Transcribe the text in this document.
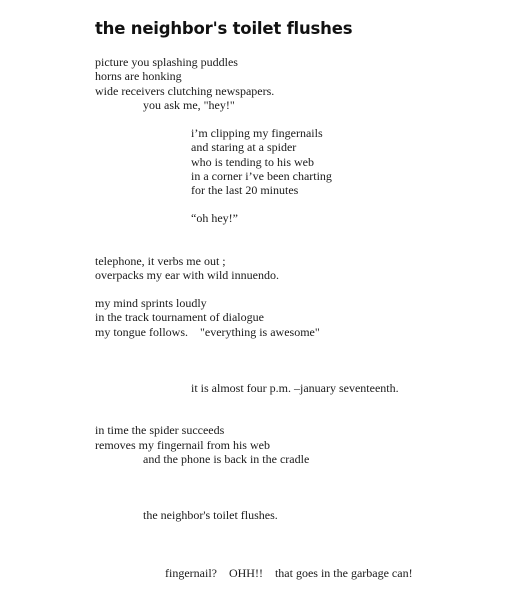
the neighbor's toilet flushes
picture you splashing puddles
horns are honking
wide receivers clutching newspapers.
you ask me, "hey!"
i’m clipping my fingernails
and staring at a spider
who is tending to his web
in a corner i’ve been charting
for the last 20 minutes
“oh hey!”
telephone, it verbs me out ;
overpacks my ear with wild innuendo.
my mind sprints loudly
in the track tournament of dialogue
my tongue follows.    "everything is awesome"
it is almost four p.m. –january seventeenth.
in time the spider succeeds
removes my fingernail from his web
and the phone is back in the cradle
the neighbor's toilet flushes.
fingernail?    OHH!!    that goes in the garbage can!
